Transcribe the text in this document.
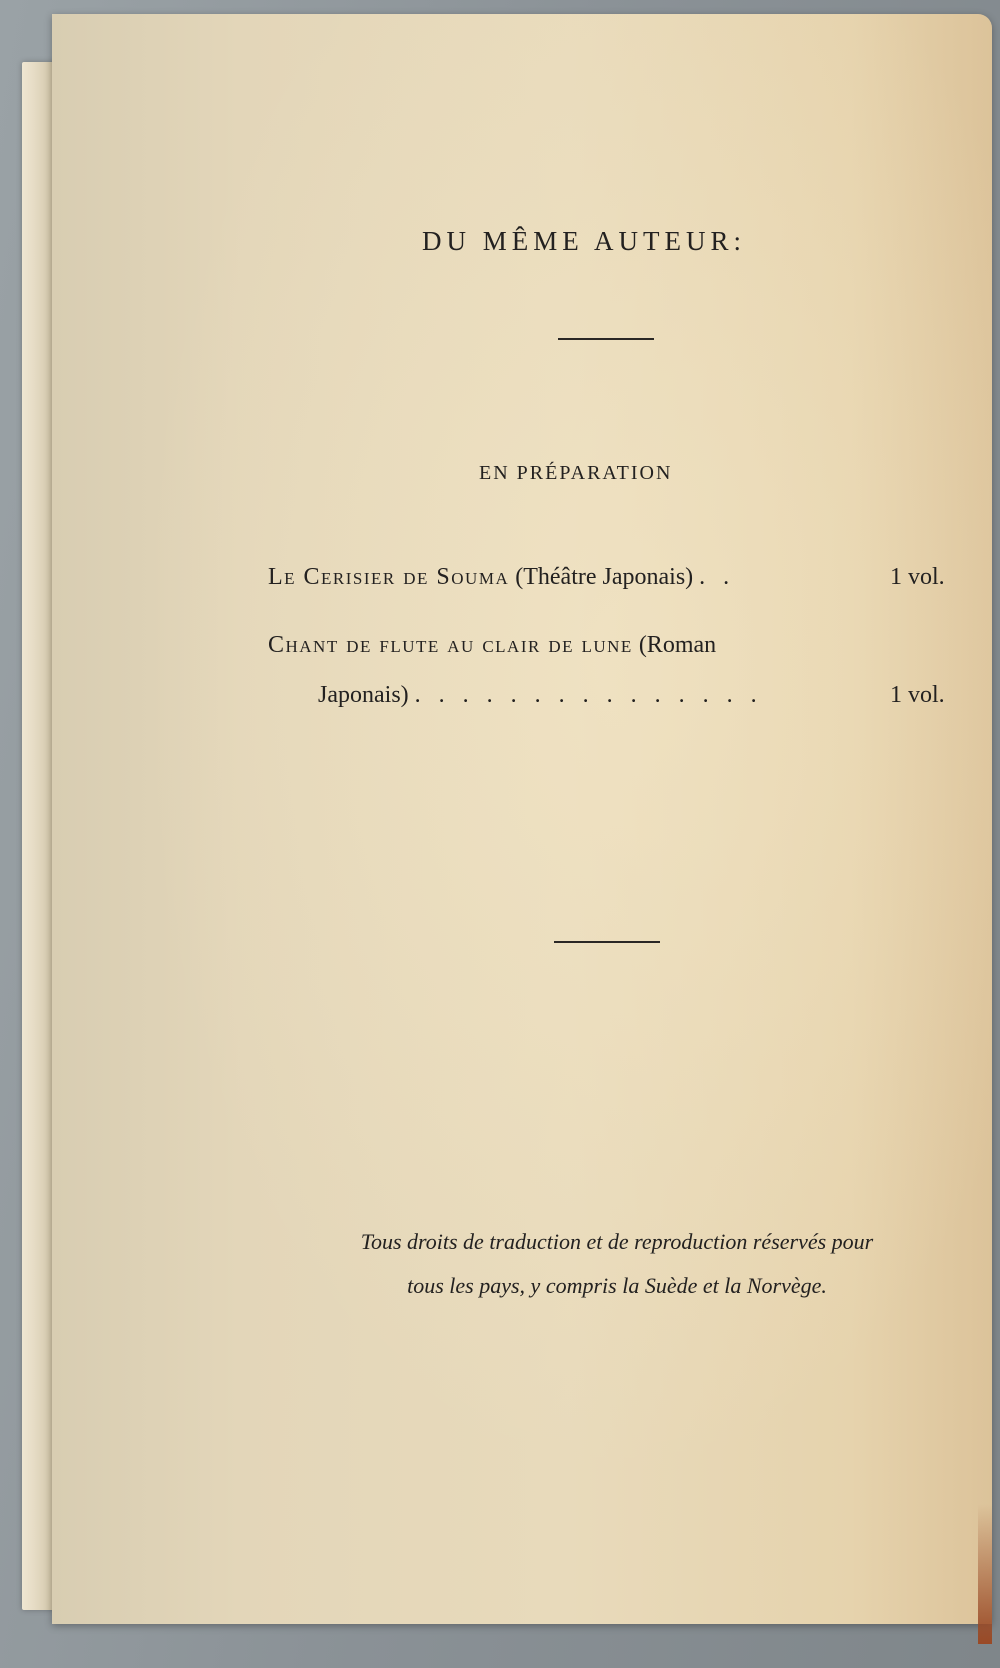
DU MÊME AUTEUR:
EN PRÉPARATION
Le Cerisier de Souma (Théâtre Japonais) . .	1 vol.
Chant de flute au clair de lune (Roman
Japonais) . . . . . . . . . . . . . . .	1 vol.
Tous droits de traduction et de reproduction réservés pour
tous les pays, y compris la Suède et la Norvège.
